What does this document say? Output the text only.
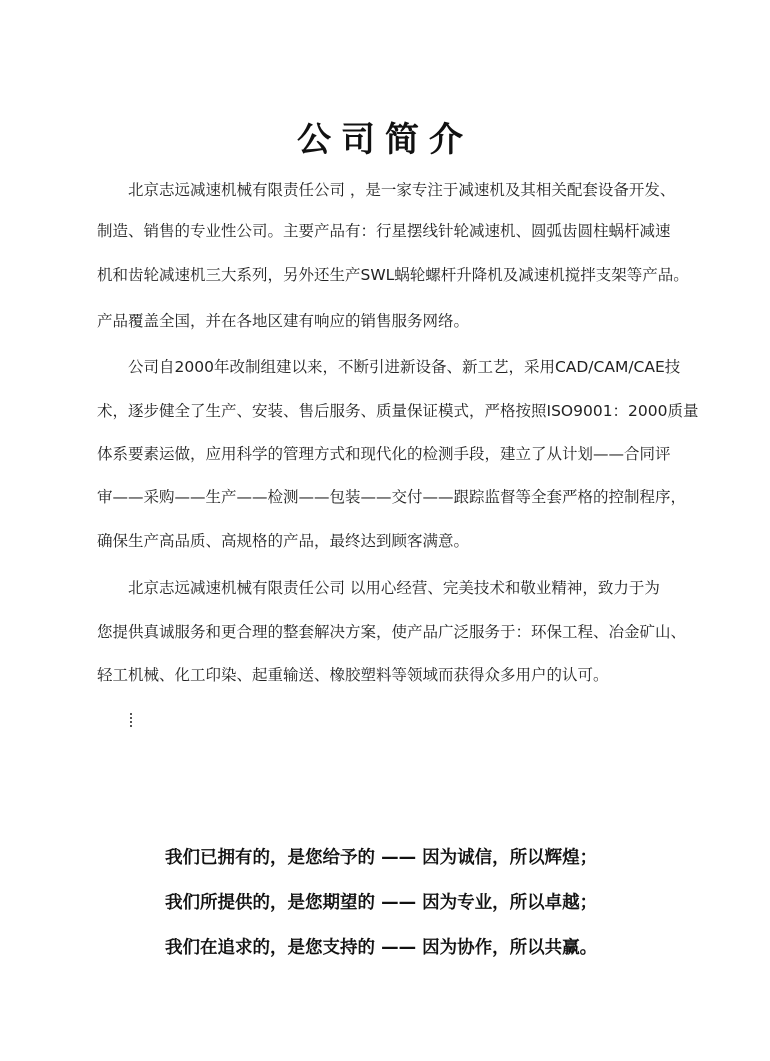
公司简介
北京志远减速机械有限责任公司 ，是一家专注于减速机及其相关配套设备开发、
制造、销售的专业性公司。主要产品有：行星摆线针轮减速机、圆弧齿圆柱蜗杆减速
机和齿轮减速机三大系列，另外还生产SWL蜗轮螺杆升降机及减速机搅拌支架等产品。
产品覆盖全国，并在各地区建有响应的销售服务网络。
公司自2000年改制组建以来，不断引进新设备、新工艺，采用CAD/CAM/CAE技
术，逐步健全了生产、安装、售后服务、质量保证模式，严格按照ISO9001：2000质量
体系要素运做，应用科学的管理方式和现代化的检测手段，建立了从计划——合同评
审——采购——生产——检测——包装——交付——跟踪监督等全套严格的控制程序，
确保生产高品质、高规格的产品，最终达到顾客满意。
北京志远减速机械有限责任公司 以用心经营、完美技术和敬业精神，致力于为
您提供真诚服务和更合理的整套解决方案，使产品广泛服务于：环保工程、冶金矿山、
轻工机械、化工印染、起重输送、橡胶塑料等领域而获得众多用户的认可。
我们已拥有的，是您给予的 —— 因为诚信，所以辉煌；
我们所提供的，是您期望的 —— 因为专业，所以卓越；
我们在追求的，是您支持的 —— 因为协作，所以共赢。
